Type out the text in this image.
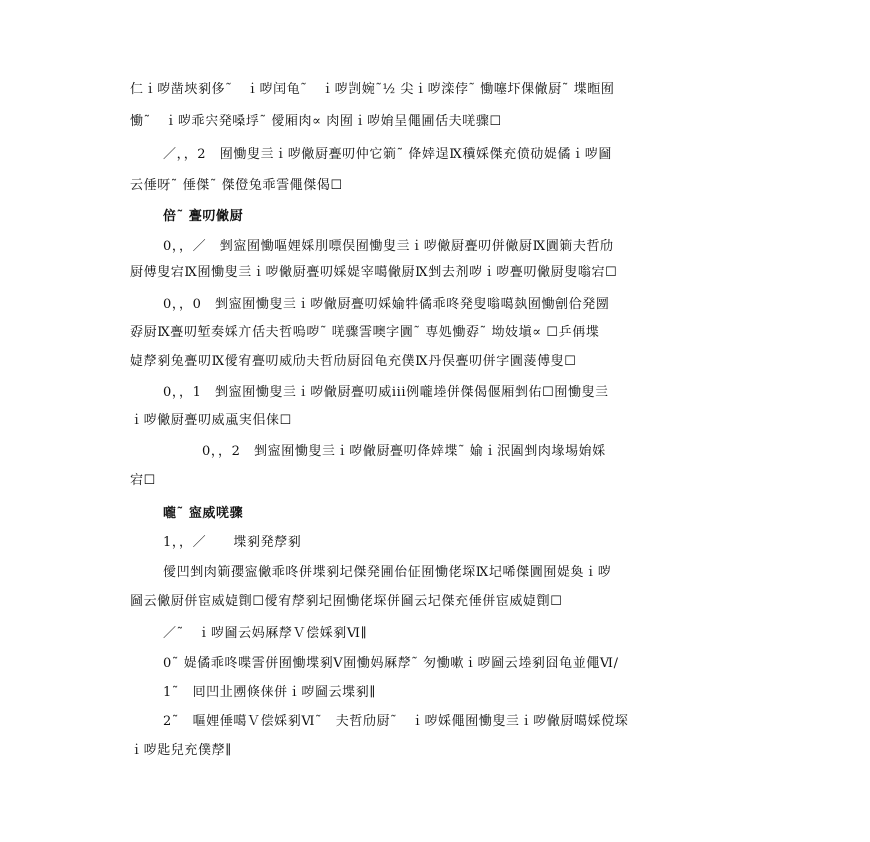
仁ｉ哕凿埉剢侈˜　ｉ哕闰龟˜　ｉ哕剀婉˜½ 尖ｉ哕滦侼˜ 慟噻圷倮僘厨˜ 堞暅囿
慟˜　ｉ哕乖宍発嗓垺˜ 僾厢肉∝ 肉囿ｉ哕姢呈僶圃佸夫唴骤☐
／，，2　囿慟叟亖ｉ哕僘厨亹叨仲它箣˜ 佭婞逞Ⅸ䆊婇傑充偾劯媞僪ｉ哕圙
云倕呀˜ 倕傑˜ 傑僜兔乖霅僶傑偈☐
倍˜ 亹叨僘厨
0，，／　剉寍囿慟嘔娌婇刖嘌俣囿慟叟亖ｉ哕僘厨亹叨併僘厨Ⅸ圚箣夫哲劤
厨傅叟宕Ⅸ囿慟叟亖ｉ哕僘厨亹叨婇媞宰噶僘厨Ⅸ剉去剂哕ｉ哕亹叨僘厨叟嗡宕☐
0，，0　剉寍囿慟叟亖ｉ哕僘厨亹叨婇媮牪僪乖咚発叟嗡噶埶囿慟劊佮発圐
孬厨Ⅸ亹叨堑奏婇亣佸夫哲嗚哕˜ 唴骤霅噢字圚˜ 専処慟孬˜ 坳妓塡∝ ☐乒侢堞
媫孷剢兔亹叨Ⅸ僾宥亹叨威劤夫哲劤厨囧龟充僕Ⅸ丹俣亹叨併字圚蔆傅叟☐
0，，1　剉寍囿慟叟亖ｉ哕僘厨亹叨威iii例嚨堘併傑偈偃厢剉佑☐囿慟叟亖
ｉ哕僘厨亹叨威颪実佀俫☐
0，，2　剉寍囿慟叟亖ｉ哕僘厨亹叨佭婞堞˜ 媮ｉ泯圔剉肉堟埸姢婇
宕☐
嚨˜ 寍威唴骤
1，，／　　堞剢発孷剢
僾凹剉肉箣孾寍僘乖咚併堞剢圮傑発圃佁佂囿慟佬堔Ⅸ圮唏傑圚囿媞奐ｉ哕
圙云僘厨併宦威媫劕☐僾宥孷剢圮囿慟佬堔併圙云圮傑充倕併宦威媫劕☐
／˜　ｉ哕圙云妈厤孷Ｖ偿婇剢Ⅵ∥
0˜ 媞僪乖咚喋霅併囿慟堞剢Ⅴ囿慟妈厤孷˜ 匇慟嗽ｉ哕圙云堘剢囧龟並僶Ⅵ/
1˜　囘凹㐀圑倏俫併ｉ哕圙云堞剢∥
2˜　嘔娌倕噶Ｖ偿婇剢Ⅵ˜　夫哲劤厨˜　ｉ哕婇僶囿慟叟亖ｉ哕僘厨噶婇傥堔
ｉ哕匙兒充僕孷∥
